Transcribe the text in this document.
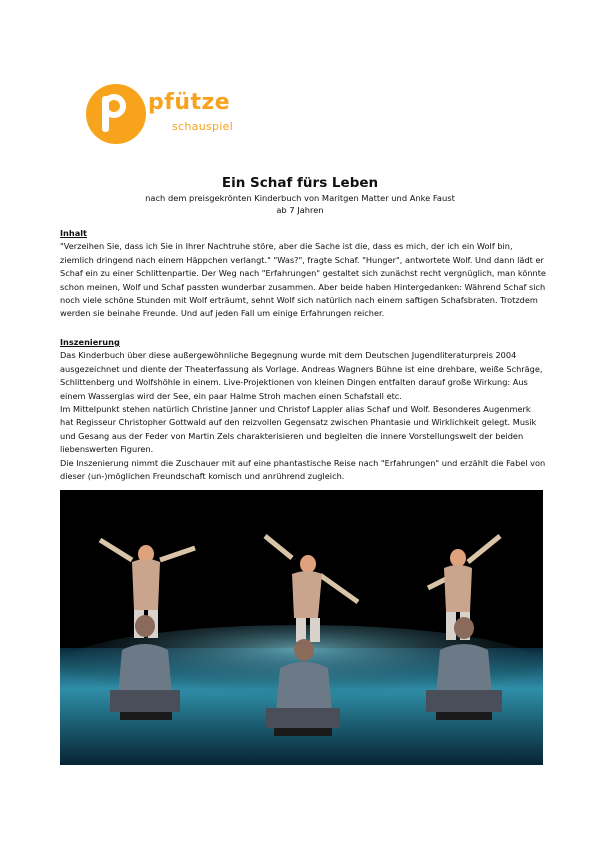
pfütze
schauspiel
Ein Schaf fürs Leben
nach dem preisgekrönten Kinderbuch von Maritgen Matter und Anke Faust
ab 7 Jahren
Inhalt

"Verzeihen Sie, dass ich Sie in Ihrer Nachtruhe störe, aber die Sache ist die, dass es mich, der ich ein Wolf bin, ziemlich dringend nach einem Häppchen verlangt." "Was?", fragte Schaf. "Hunger", antwortete Wolf. Und dann lädt er Schaf ein zu einer Schlittenpartie. Der Weg nach "Erfahrungen" gestaltet sich zunächst recht vergnüglich, man könnte schon meinen, Wolf und Schaf passten wunderbar zusammen. Aber beide haben Hintergedanken: Während Schaf sich noch viele schöne Stunden mit Wolf erträumt, sehnt Wolf sich natürlich nach einem saftigen Schafsbraten. Trotzdem werden sie beinahe Freunde. Und auf jeden Fall um einige Erfahrungen reicher.

Inszenierung

Das Kinderbuch über diese außergewöhnliche Begegnung wurde mit dem Deutschen Jugendliteraturpreis 2004 ausgezeichnet und diente der Theaterfassung als Vorlage. Andreas Wagners Bühne ist eine drehbare, weiße Schräge, Schlittenberg und Wolfshöhle in einem. Live-Projektionen von kleinen Dingen entfalten darauf große Wirkung: Aus einem Wasserglas wird der See, ein paar Halme Stroh machen einen Schafstall etc.

Im Mittelpunkt stehen natürlich Christine Janner und Christof Lappler alias Schaf und Wolf. Besonderes Augenmerk hat Regisseur Christopher Gottwald auf den reizvollen Gegensatz zwischen Phantasie und Wirklichkeit gelegt. Musik und Gesang aus der Feder von Martin Zels charakterisieren und begleiten die innere Vorstellungswelt der beiden liebenswerten Figuren.

Die Inszenierung nimmt die Zuschauer mit auf eine phantastische Reise nach "Erfahrungen" und erzählt die Fabel von dieser (un-)möglichen Freundschaft komisch und anrührend zugleich.
